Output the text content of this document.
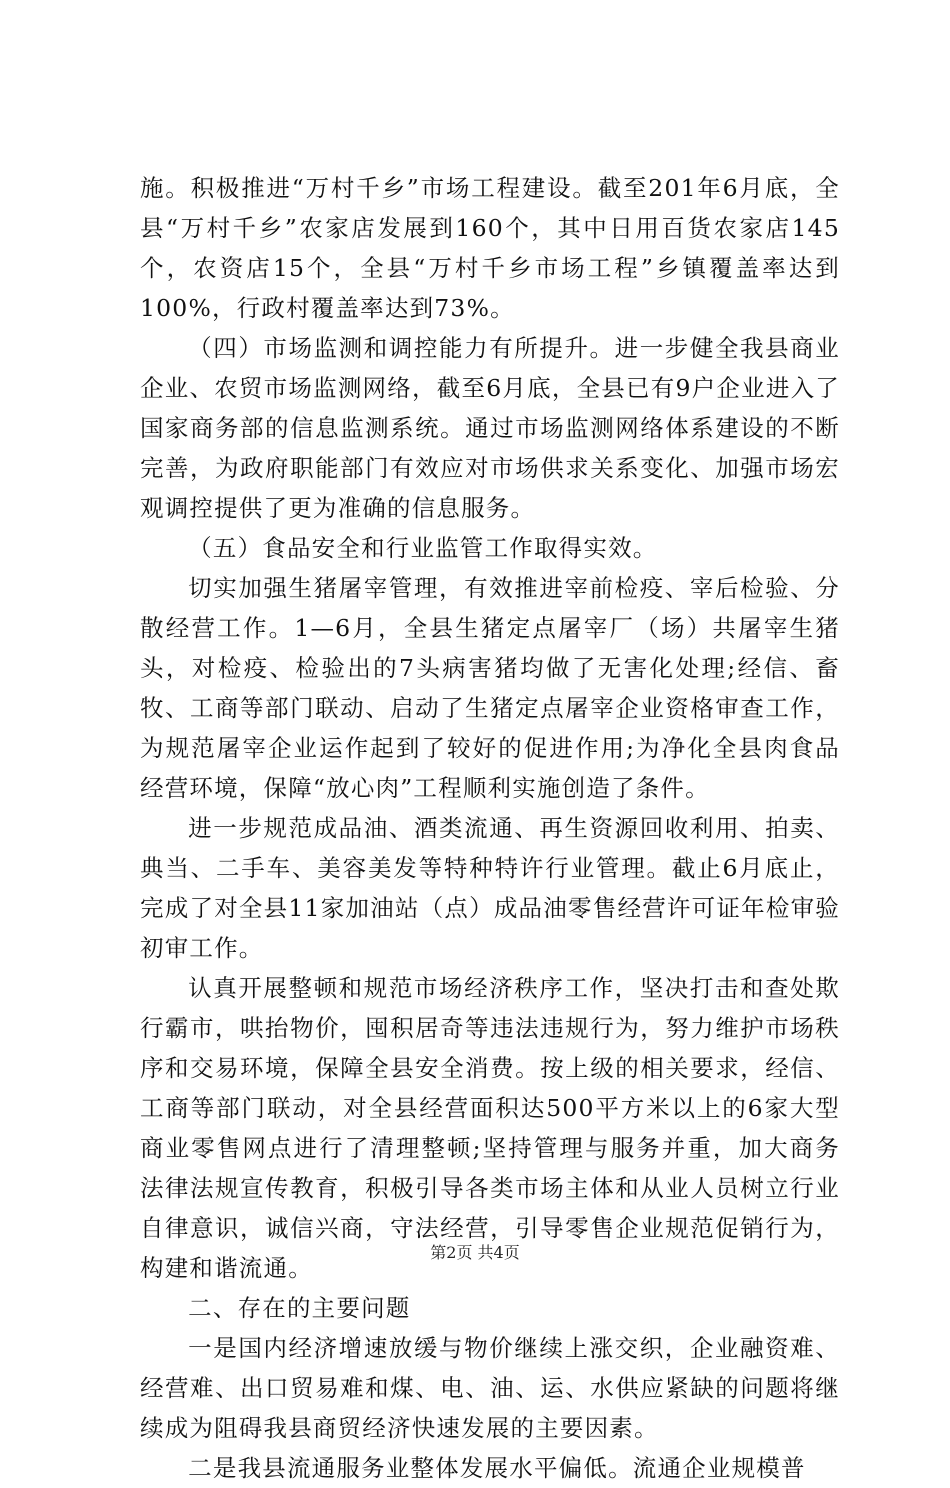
施。积极推进“万村千乡”市场工程建设。截至201年6月底，全县“万村千乡”农家店发展到160个，其中日用百货农家店145个，农资店15个，全县“万村千乡市场工程”乡镇覆盖率达到100%，行政村覆盖率达到73%。

（四）市场监测和调控能力有所提升。进一步健全我县商业企业、农贸市场监测网络，截至6月底，全县已有9户企业进入了国家商务部的信息监测系统。通过市场监测网络体系建设的不断完善，为政府职能部门有效应对市场供求关系变化、加强市场宏观调控提供了更为准确的信息服务。

（五）食品安全和行业监管工作取得实效。

切实加强生猪屠宰管理，有效推进宰前检疫、宰后检验、分散经营工作。1—6月，全县生猪定点屠宰厂（场）共屠宰生猪头，对检疫、检验出的7头病害猪均做了无害化处理;经信、畜牧、工商等部门联动、启动了生猪定点屠宰企业资格审查工作，为规范屠宰企业运作起到了较好的促进作用;为净化全县肉食品经营环境，保障“放心肉”工程顺利实施创造了条件。

进一步规范成品油、酒类流通、再生资源回收利用、拍卖、典当、二手车、美容美发等特种特许行业管理。截止6月底止，完成了对全县11家加油站（点）成品油零售经营许可证年检审验初审工作。

认真开展整顿和规范市场经济秩序工作，坚决打击和查处欺行霸市，哄抬物价，囤积居奇等违法违规行为，努力维护市场秩序和交易环境，保障全县安全消费。按上级的相关要求，经信、工商等部门联动，对全县经营面积达500平方米以上的6家大型商业零售网点进行了清理整顿;坚持管理与服务并重，加大商务法律法规宣传教育，积极引导各类市场主体和从业人员树立行业自律意识，诚信兴商，守法经营，引导零售企业规范促销行为，构建和谐流通。

二、存在的主要问题

一是国内经济增速放缓与物价继续上涨交织，企业融资难、经营难、出口贸易难和煤、电、油、运、水供应紧缺的问题将继续成为阻碍我县商贸经济快速发展的主要因素。

二是我县流通服务业整体发展水平偏低。流通企业规模普

第2页 共4页
